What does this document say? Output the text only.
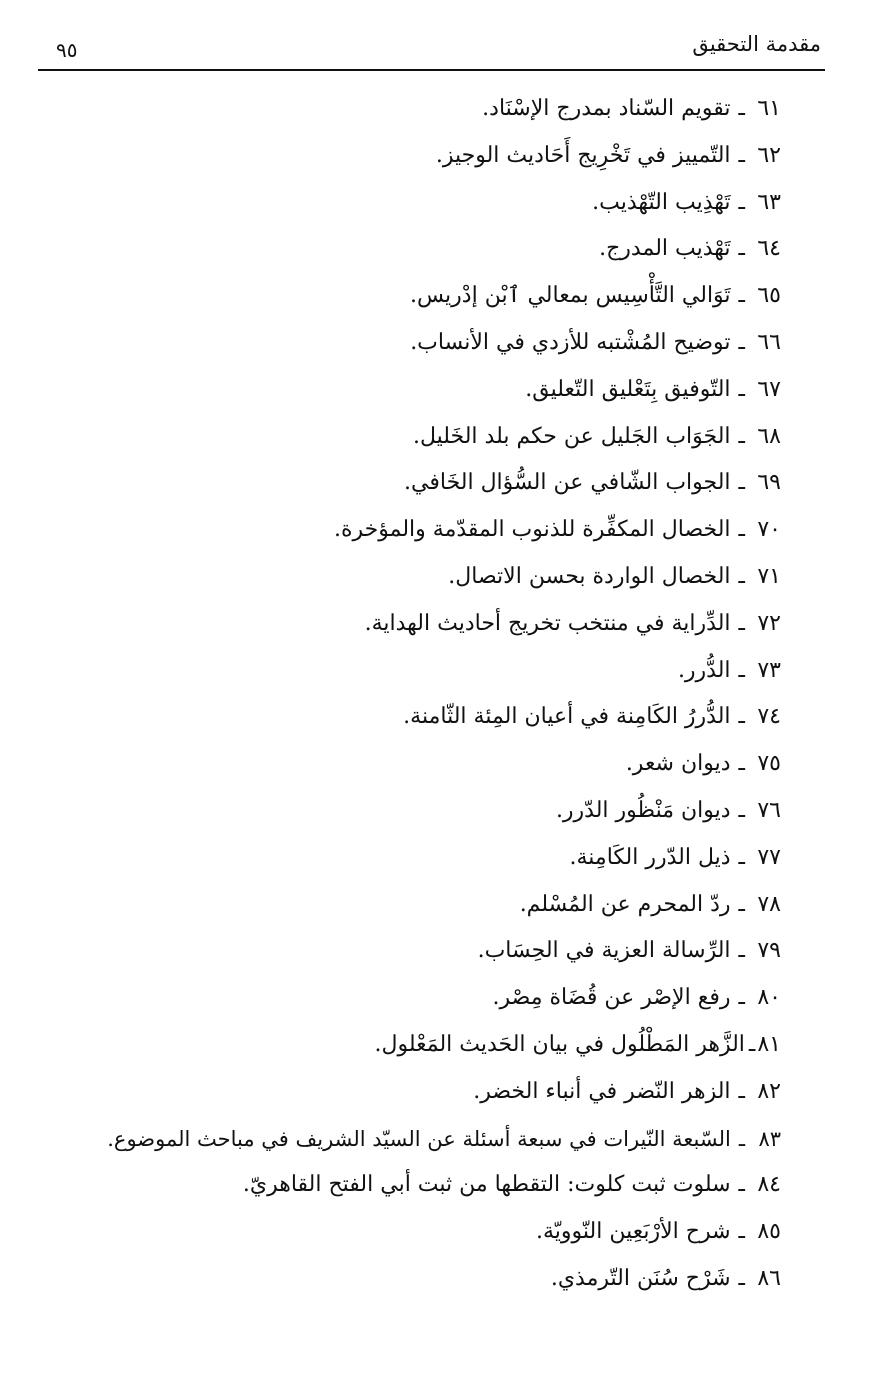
مقدمة التحقيق
٩٥
٦١ـتقويم السّناد بمدرج الإسْنَاد.
٦٢ـالتّمييز في تَخْرِيج أَحَاديث الوجيز.
٦٣ـتَهْذِيب التّهْذيب.
٦٤ـتَهْذيب المدرج.
٦٥ـتَوَالي التَّأْسِيس بمعالي ٱبْن إدْريس.
٦٦ـتوضيح المُشْتبه للأزدي في الأنساب.
٦٧ـالتّوفيق بِتَعْليق التّعليق.
٦٨ـالجَوَاب الجَليل عن حكم بلد الخَليل.
٦٩ـالجواب الشّافي عن السُّؤال الخَافي.
٧٠ـالخصال المكفِّرة للذنوب المقدّمة والمؤخرة.
٧١ـالخصال الواردة بحسن الاتصال.
٧٢ـالدِّراية في منتخب تخريج أحاديث الهداية.
٧٣ـالدُّرر.
٧٤ـالدُّررُ الكَامِنة في أعيان المِئة الثّامنة.
٧٥ـديوان شعر.
٧٦ـديوان مَنْظُور الدّرر.
٧٧ـذيل الدّرر الكَامِنة.
٧٨ـردّ المحرم عن المُسْلم.
٧٩ـالرِّسالة العزية في الحِسَاب.
٨٠ـرفع الإصْر عن قُضَاة مِصْر.
٨١ـالزَّهر المَطْلُول في بيان الحَديث المَعْلول.
٨٢ـالزهر النّضر في أنباء الخضر.
٨٣ـالسّبعة النّيرات في سبعة أسئلة عن السيّد الشريف في مباحث الموضوع.
٨٤ـسلوت ثبت كلوت: التقطها من ثبت أبي الفتح القاهريّ.
٨٥ـشرح الأرْبَعِين النّوويّة.
٨٦ـشَرْح سُنَن التّرمذي.
